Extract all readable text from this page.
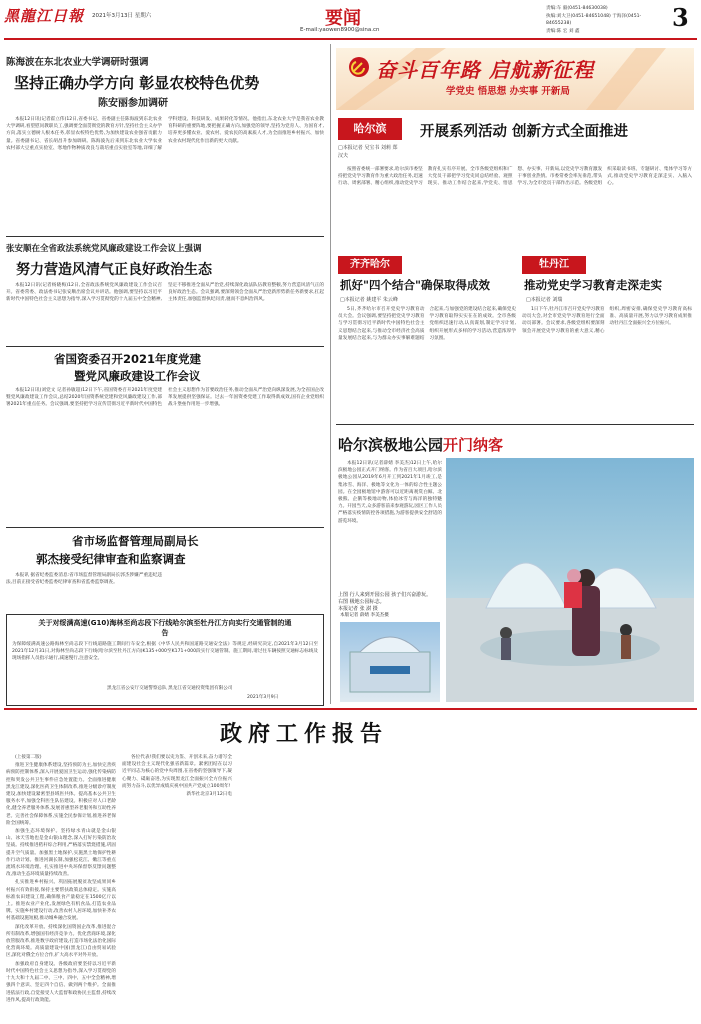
黑龍江日報 2021年3月13日 星期六	要闻
E-mail:yaowen8900@sina.cn
责编:车 毅(0451-84630038)
执编:刘大卫(0451-84651048) 于海泽(0451-84655238)
责编:陈 宏 刘 鑫	3
陈海波在东北农业大学调研时强调
坚持正确办学方向 彰显农校特色优势
陈安丽参加调研

本报12日讯(记者霍立伟)12日,省委书记、省委副主任陈海波到东北农业大学调研,看望慰问教职员工,强调要全面贯彻党的教育方针,坚持社会主义办学方向,落实立德树人根本任务,彰显农校特色优势,为加快建设农业强省贡献力量。省委副书记、省长胡昌升参加调研。陈海波先后来到东北农业大学农业农村部大豆重点实验室、寒地作物种质改良与栽培重点实验室等地,详细了解学科建设、科技研发、成果转化等情况。他指出,东北农业大学是我省农业教育科研的重要阵地,要把握正确方向,加强党的领导,坚持为党育人、为国育才,培养更多懂农业、爱农村、爱农民的高素质人才,为全面推进乡村振兴、加快农业农村现代化作出新的更大贡献。

张安顺在全省政法系统党风廉政建设工作会议上强调
努力营造风清气正良好政治生态

本报12日讯(记者杨晓梅)12日,全省政法系统党风廉政建设工作会议召开。省委常委、政法委书记张安顺出席会议并讲话。他强调,要坚持以习近平新时代中国特色社会主义思想为指导,深入学习贯彻党的十九届五中全会精神,坚定不移推进全面从严治党,持续深化政法队伍教育整顿,努力营造风清气正的良好政治生态。会议强调,要深刻领会全面从严治党新形势新任务新要求,扛起主体责任,加强监督执纪问责,驰而不息纠治四风。

省国资委召开2021年度党建
暨党风廉政建设工作会议

本报12日讯(刘党文 记者孙敏超)12日下午,省国资委召开2021年度党建暨党风廉政建设工作会议,总结2020年国资系统党建和党风廉政建设工作,部署2021年重点任务。会议强调,要坚持把学习宣传贯彻习近平新时代中国特色社会主义思想作为首要政治任务,推动全面从严治党向纵深发展,为全省国企改革发展提供坚强保证。过去一年国资委党建工作取得新成效,国有企业党组织战斗堡垒作用进一步增强。

省市场监督管理局副局长
郭杰接受纪律审查和监察调查

本报讯 据省纪委监委消息:省市场监督管理局副局长郭杰涉嫌严重违纪违法,目前正接受省纪委监委纪律审查和省监委监察调查。

关于对绥满高速(G10)海林至尚志段下行线哈尔滨至牡丹江方向实行交通管制的通告
为保障绥满高速公路海林至尚志段下行线道路施工期间行车安全,根据《中华人民共和国道路交通安全法》等规定,经研究决定,自2021年3月12日至2021年12月31日,对海林至尚志段下行线(哈尔滨至牡丹江方向)K135+000至K171+000段实行交通管制。施工期间,请过往车辆按照交通标志标线及现场指挥人员指示通行,减速慢行,注意安全。
黑龙江省公安厅交通警察总队 黑龙江省交通投资集团有限公司
2021年3月9日
奋斗百年路 启航新征程
学党史 悟思想 办实事 开新局
哈尔滨	开展系列活动 创新方式全面推进
□本报记者 吴宝书 刘莉 郑汉夫

按照省委统一部署要求,哈尔滨市委坚持把党史学习教育作为重大政治任务,迅速行动、周密部署、精心组织,推动党史学习教育扎实有序开展。全市各级党组织和广大党员干部把学习党史同总结经验、观照现实、推动工作结合起来,学党史、悟思想、办实事、开新局,以党史学习教育激发干事创业热情。市委常委会率先垂范,带头学习,为全市党员干部作出示范。各级党组织采取读书班、专题研讨、集体学习等方式,推动党史学习教育走深走实、入脑入心。

齐齐哈尔
抓好"四个结合"确保取得成效
□本报记者 姚建平 朱云峰

5日,齐齐哈尔市召开党史学习教育动员大会。会议强调,要坚持把党史学习教育与学习贯彻习近平新时代中国特色社会主义思想结合起来,与推动全市经济社会高质量发展结合起来,与为群众办实事解难题结合起来,与加强党的建设结合起来,确保党史学习教育取得实实在在的成效。全市各级党组织迅速行动,认真谋划,制定学习计划,组织开展形式多样的学习活动,营造浓厚学习氛围。

牡丹江
推动党史学习教育走深走实
□本报记者 刘瑞

1日下午,牡丹江市召开党史学习教育动员大会,对全市党史学习教育进行全面动员部署。会议要求,各级党组织要深刻领会开展党史学习教育的重大意义,精心组织,周密安排,确保党史学习教育高标准、高质量开展,努力以学习教育成果推动牡丹江全面振兴全方位振兴。

哈尔滨极地公园开门纳客

本报12日讯(记者薛婧 李美杰)12日上午,哈尔滨极地公园正式开门纳客。作为省百大项目,哈尔滨极地公园从2019年6月开工到2021年1月竣工,是集冰雪、海洋、极地等文化为一体的综合性主题公园。在全园极地馆中游客可以近距离观赏白鲸、北极熊、企鹅等极地动物,体验冰雪与海洋的独特魅力。开园当天,众多游客前来参观游玩,园区工作人员严格落实疫情防控各项措施,为游客提供安全舒适的游览环境。

上图 行人来到开园公园 孩子们兴奋游玩。
右图 极地公园标志。
本报记者 张 澍 摄
本版记者 薛婧 李美杰摄
政府工作报告

(上接第二版)

推进卫生健康体系建设,坚持预防为主,加快完善疾病预防控制体系,深入开展爱国卫生运动,强化传染病防控和突发公共卫生事件应急处置能力。全面推进健康黑龙江建设,深化医药卫生体制改革,推进分级诊疗制度建设,加快建设紧密型县域医共体。提高基本公共卫生服务水平,加强全科医生队伍建设。积极应对人口老龄化,健全养老服务体系,发展普惠型养老服务和互助性养老。完善社会保障体系,实施全民参保计划,推进养老保险全国统筹。

加强生态环境保护。坚持绿水青山就是金山银山、冰天雪地也是金山银山理念,深入打好污染防治攻坚战。持续推进秸秆综合利用,严格落实禁烧措施,巩固提升空气质量。加强黑土地保护,实施黑土地保护性耕作行动计划。推进河湖长制,加强松花江、嫩江等重点流域水环境治理。扎实推进中央环保督察反馈问题整改,推动生态环境质量持续改善。

扎实推进乡村振兴。巩固拓展脱贫攻坚成果同乡村振兴有效衔接,保持主要帮扶政策总体稳定。实施高标准农田建设工程,确保粮食产量稳定在1500亿斤以上。推进农业产业化,发展绿色有机食品,打造农业品牌。实施乡村建设行动,改善农村人居环境,加快补齐农村基础设施短板,推动城乡融合发展。

深化改革开放。持续深化国资国企改革,推进混合所有制改革,增强国有经济竞争力。优化营商环境,深化放管服改革,推进数字政府建设,打造市场化法治化国际化营商环境。高质量建设中国(黑龙江)自由贸易试验区,深化对俄全方位合作,扩大高水平对外开放。

加强政府自身建设。各级政府要坚持以习近平新时代中国特色社会主义思想为指导,深入学习贯彻党的十九大和十九届二中、三中、四中、五中全会精神,增强四个意识、坚定四个自信、做到两个维护。全面推进依法行政,自觉接受人大监督和政协民主监督,持续改进作风,提高行政效能。

各位代表!我们要以史为鉴、开创未来,奋力谱写全面建设社会主义现代化强省新篇章。紧密团结在以习近平同志为核心的党中央周围,在省委的坚强领导下,凝心聚力、砥砺奋进,为实现黑龙江全面振兴全方位振兴而努力奋斗,以优异成绩庆祝中国共产党成立100周年!

新华社北京3月12日电
